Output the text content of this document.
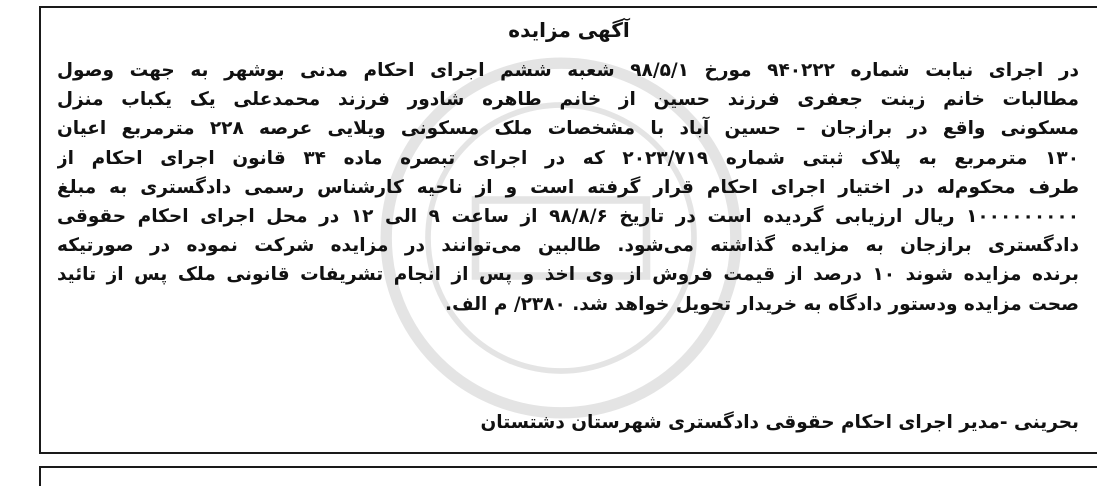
آگهی مزایده
در اجرای نیابت شماره ۹۴۰۲۲۲ مورخ ۹۸/۵/۱ شعبه ششم اجرای احکام مدنی بوشهر به جهت وصول
مطالبات خانم زینت جعفری فرزند حسین از خانم طاهره شادور فرزند محمدعلی یک یکباب منزل
مسکونی واقع در برازجان – حسین آباد با مشخصات ملک مسکونی ویلایی عرصه ۲۲۸ مترمربع اعیان
۱۳۰ مترمربع به پلاک ثبتی شماره ۲۰۲۳/۷۱۹ که در اجرای تبصره ماده ۳۴ قانون اجرای احکام از
طرف محکوم‌له در اختیار اجرای احکام قرار گرفته است و از ناحیه کارشناس رسمی دادگستری به مبلغ
۱۰۰۰۰۰۰۰۰۰ ریال ارزیابی گردیده است در تاریخ ۹۸/۸/۶ از ساعت ۹ الی ۱۲ در محل اجرای احکام حقوقی
دادگستری برازجان به مزایده گذاشته می‌شود. طالبین می‌توانند در مزایده شرکت نموده در صورتیکه
برنده مزایده شوند ۱۰ درصد از قیمت فروش از وی اخذ و پس از انجام تشریفات قانونی ملک پس از تائید
صحت مزایده ودستور دادگاه به خریدار تحویل خواهد شد. ۲۳۸۰/ م الف.
بحرینی -مدیر اجرای احکام حقوقی دادگستری شهرستان دشتستان
